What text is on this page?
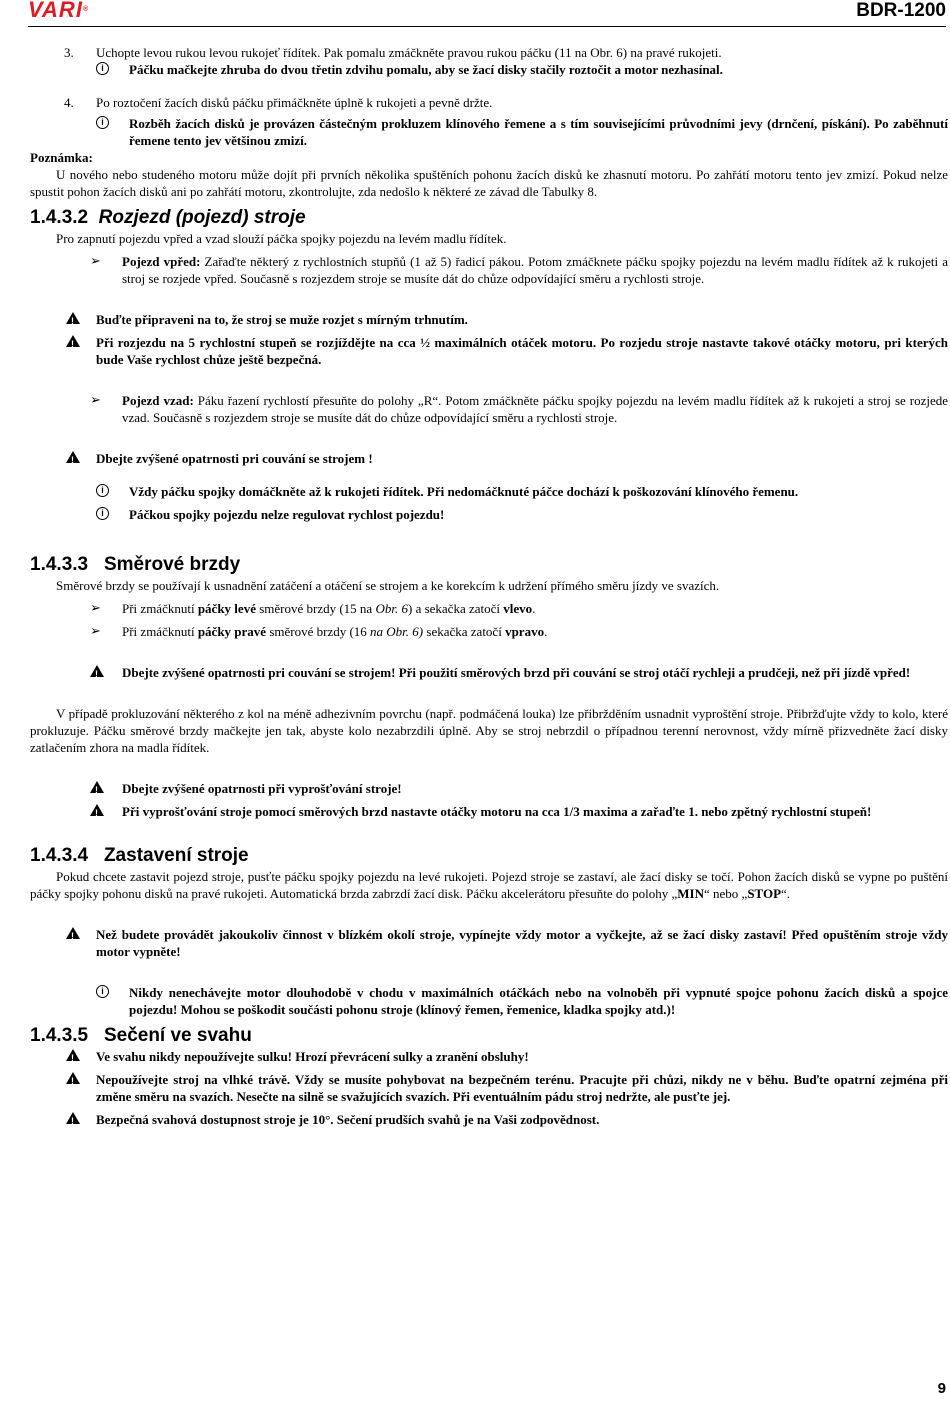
VARI®	BDR-1200
3. Uchopte levou rukou levou rukojeť řídítek. Pak pomalu zmáčkněte pravou rukou páčku (11 na Obr. 6) na pravé rukojeti.
i	Páčku mačkejte zhruba do dvou třetin zdvihu pomalu, aby se žací disky stačily roztočit a motor nezhasínal.
4. Po roztočení žacích disků páčku přimáčkněte úplně k rukojeti a pevně držte.
i	Rozběh žacích disků je provázen částečným prokluzem klínového řemene a s tím souvisejícími průvodními jevy (drnčení, pískání). Po zaběhnutí řemene tento jev většinou zmizí.
Poznámka:
U nového nebo studeného motoru může dojít při prvních několika spuštěních pohonu žacích disků ke zhasnutí motoru. Po zahřátí motoru tento jev zmizí. Pokud nelze spustit pohon žacích disků ani po zahřátí motoru, zkontrolujte, zda nedošlo k některé ze závad dle Tabulky 8.
1.4.3.2 Rozjezd (pojezd) stroje
Pro zapnutí pojezdu vpřed a vzad slouží páčka spojky pojezdu na levém madlu řídítek.
➢ Pojezd vpřed: Zařaďte některý z rychlostních stupňů (1 až 5) řadicí pákou. Potom zmáčknete páčku spojky pojezdu na levém madlu řídítek až k rukojeti a stroj se rozjede vpřed. Současně s rozjezdem stroje se musíte dát do chůze odpovídající směru a rychlosti stroje.
!
Buďte připraveni na to, že stroj se muže rozjet s mírným trhnutím.
!
Při rozjezdu na 5 rychlostní stupeň se rozjíždějte na cca ½ maximálních otáček motoru. Po rozjedu stroje nastavte takové otáčky motoru, pri kterých bude Vaše rychlost chůze ještě bezpečná.
➢ Pojezd vzad: Páku řazení rychlostí přesuňte do polohy „R“. Potom zmáčkněte páčku spojky pojezdu na levém madlu řídítek až k rukojeti a stroj se rozjede vzad. Současně s rozjezdem stroje se musíte dát do chůze odpovídající směru a rychlosti stroje.
!
Dbejte zvýšené opatrnosti pri couvání se strojem !
i	Vždy páčku spojky domáčkněte až k rukojeti řídítek. Při nedomáčknuté páčce dochází k poškozování klínového řemenu.
i	Páčkou spojky pojezdu nelze regulovat rychlost pojezdu!
1.4.3.3 Směrové brzdy
Směrové brzdy se používají k usnadnění zatáčení a otáčení se strojem a ke korekcím k udržení přímého směru jízdy ve svazích.
➢ Při zmáčknutí páčky levé směrové brzdy (15 na Obr. 6) a sekačka zatočí vlevo.
➢ Při zmáčknutí páčky pravé směrové brzdy (16 na Obr. 6) sekačka zatočí vpravo.
!
Dbejte zvýšené opatrnosti pri couvání se strojem! Při použití směrových brzd při couvání se stroj otáčí rychleji a prudčeji, než při jízdě vpřed!
V případě prokluzování některého z kol na méně adhezivním povrchu (např. podmáčená louka) lze přibržděním usnadnit vyproštění stroje. Přibržďujte vždy to kolo, které prokluzuje. Páčku směrové brzdy mačkejte jen tak, abyste kolo nezabrzdili úplně. Aby se stroj nebrzdil o případnou terenní nerovnost, vždy mírně přizvedněte žací disky zatlačením zhora na madla řídítek.
!
Dbejte zvýšené opatrnosti při vyprošťování stroje!
!
Při vyprošťování stroje pomocí směrových brzd nastavte otáčky motoru na cca 1/3 maxima a zařaďte 1. nebo zpětný rychlostní stupeň!
1.4.3.4 Zastavení stroje
Pokud chcete zastavit pojezd stroje, pusťte páčku spojky pojezdu na levé rukojeti. Pojezd stroje se zastaví, ale žací disky se točí. Pohon žacích disků se vypne po puštění páčky spojky pohonu disků na pravé rukojeti. Automatická brzda zabrzdí žací disk. Páčku akcelerátoru přesuňte do polohy „MIN“ nebo „STOP“.
!
Než budete provádět jakoukoliv činnost v blízkém okolí stroje, vypínejte vždy motor a vyčkejte, až se žací disky zastaví! Před opuštěním stroje vždy motor vypněte!
i	Nikdy nenechávejte motor dlouhodobě v chodu v maximálních otáčkách nebo na volnoběh při vypnuté spojce pohonu žacích disků a spojce pojezdu! Mohou se poškodit součásti pohonu stroje (klínový řemen, řemenice, kladka spojky atd.)!
1.4.3.5 Sečení ve svahu
!
Ve svahu nikdy nepoužívejte sulku! Hrozí převrácení sulky a zranění obsluhy!
!
Nepoužívejte stroj na vlhké trávě. Vždy se musíte pohybovat na bezpečném terénu. Pracujte při chůzi, nikdy ne v běhu. Buďte opatrní zejména při změne směru na svazích. Nesečte na silně se svažujících svazích. Při eventuálním pádu stroj nedržte, ale pusťte jej.
!
Bezpečná svahová dostupnost stroje je 10°. Sečení prudších svahů je na Vaši zodpovědnost.
9
